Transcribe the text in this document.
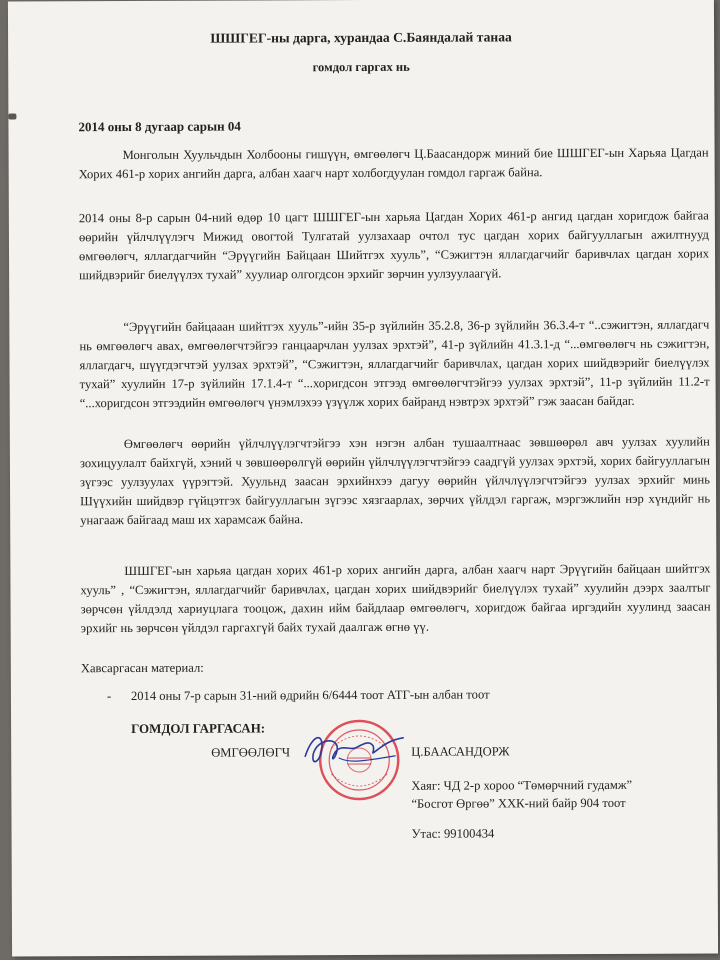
ШШГЕГ-ны дарга, хурандаа С.Баяндалай танаа
гомдол гаргах нь
2014 оны 8 дугаар сарын 04
Монголын Хуульчдын Холбооны гишүүн, өмгөөлөгч Ц.Баасандорж миний бие ШШГЕГ-ын Харьяа Цагдан Хорих 461-р хорих ангийн дарга, албан хаагч нарт холбогдуулан гомдол гаргаж байна.
2014 оны 8-р сарын 04-ний өдөр 10 цагт ШШГЕГ-ын харьяа Цагдан Хорих 461-р ангид цагдан хоригдож байгаа өөрийн үйлчлүүлэгч Мижид овогтой Тулгатай уулзахаар очтол тус цагдан хорих байгууллагын ажилтнууд өмгөөлөгч, яллагдагчийн “Эрүүгийн Байцаан Шийтгэх хууль”, “Сэжигтэн яллагдагчийг баривчлах цагдан хорих шийдвэрийг биелүүлэх тухай” хуулиар олгогдсон эрхийг зөрчин уулзуулаагүй.
“Эрүүгийн байцааан шийтгэх хууль”-ийн 35-р зүйлийн 35.2.8, 36-р зүйлийн 36.3.4-т “..сэжигтэн, яллагдагч нь өмгөөлөгч авах, өмгөөлөгчтэйгээ ганцаарчлан уулзах эрхтэй”, 41-р зүйлийн 41.3.1-д “...өмгөөлөгч нь сэжигтэн, яллагдагч, шүүгдэгчтэй уулзах эрхтэй”, “Сэжигтэн, яллагдагчийг баривчлах, цагдан хорих шийдвэрийг биелүүлэх тухай” хуулийн 17-р зүйлийн 17.1.4-т “...хоригдсон этгээд өмгөөлөгчтэйгээ уулзах эрхтэй”, 11-р зүйлийн 11.2-т “...хоригдсон этгээдийн өмгөөлөгч үнэмлэхээ үзүүлж хорих байранд нэвтрэх эрхтэй” гэж заасан байдаг.
Өмгөөлөгч өөрийн үйлчлүүлэгчтэйгээ хэн нэгэн албан тушаалтнаас зөвшөөрөл авч уулзах хуулийн зохицуулалт байхгүй, хэний ч зөвшөөрөлгүй өөрийн үйлчлүүлэгчтэйгээ саадгүй уулзах эрхтэй, хорих байгууллагын зүгээс уулзуулах үүрэгтэй. Хуульнд заасан эрхийнхээ дагуу өөрийн үйлчлүүлэгчтэйгээ уулзах эрхийг минь Шүүхийн шийдвэр гүйцэтгэх байгууллагын зүгээс хязгаарлах, зөрчих үйлдэл гаргаж, мэргэжлийн нэр хүндийг нь унагааж байгаад маш их харамсаж байна.
ШШГЕГ-ын харьяа цагдан хорих 461-р хорих ангийн дарга, албан хаагч нарт Эрүүгийн байцаан шийтгэх хууль” , “Сэжигтэн, яллагдагчийг баривчлах, цагдан хорих шийдвэрийг биелүүлэх тухай” хуулийн дээрх заалтыг зөрчсөн үйлдэлд хариуцлага тооцож, дахин ийм байдлаар өмгөөлөгч, хоригдож байгаа иргэдийн хуулинд заасан эрхийг нь зөрчсөн үйлдэл гаргахгүй байх тухай даалгаж өгнө үү.
Хавсаргасан материал:
- 2014 оны 7-р сарын 31-ний өдрийн 6/6444 тоот АТГ-ын албан тоот
ГОМДОЛ ГАРГАСАН:
ӨМГӨӨЛӨГЧ	Ц.БААСАНДОРЖ
Хаяг: ЧД 2-р хороо “Төмөрчний гудамж”
“Босгот Өргөө” ХХК-ний байр 904 тоот
Утас: 99100434
